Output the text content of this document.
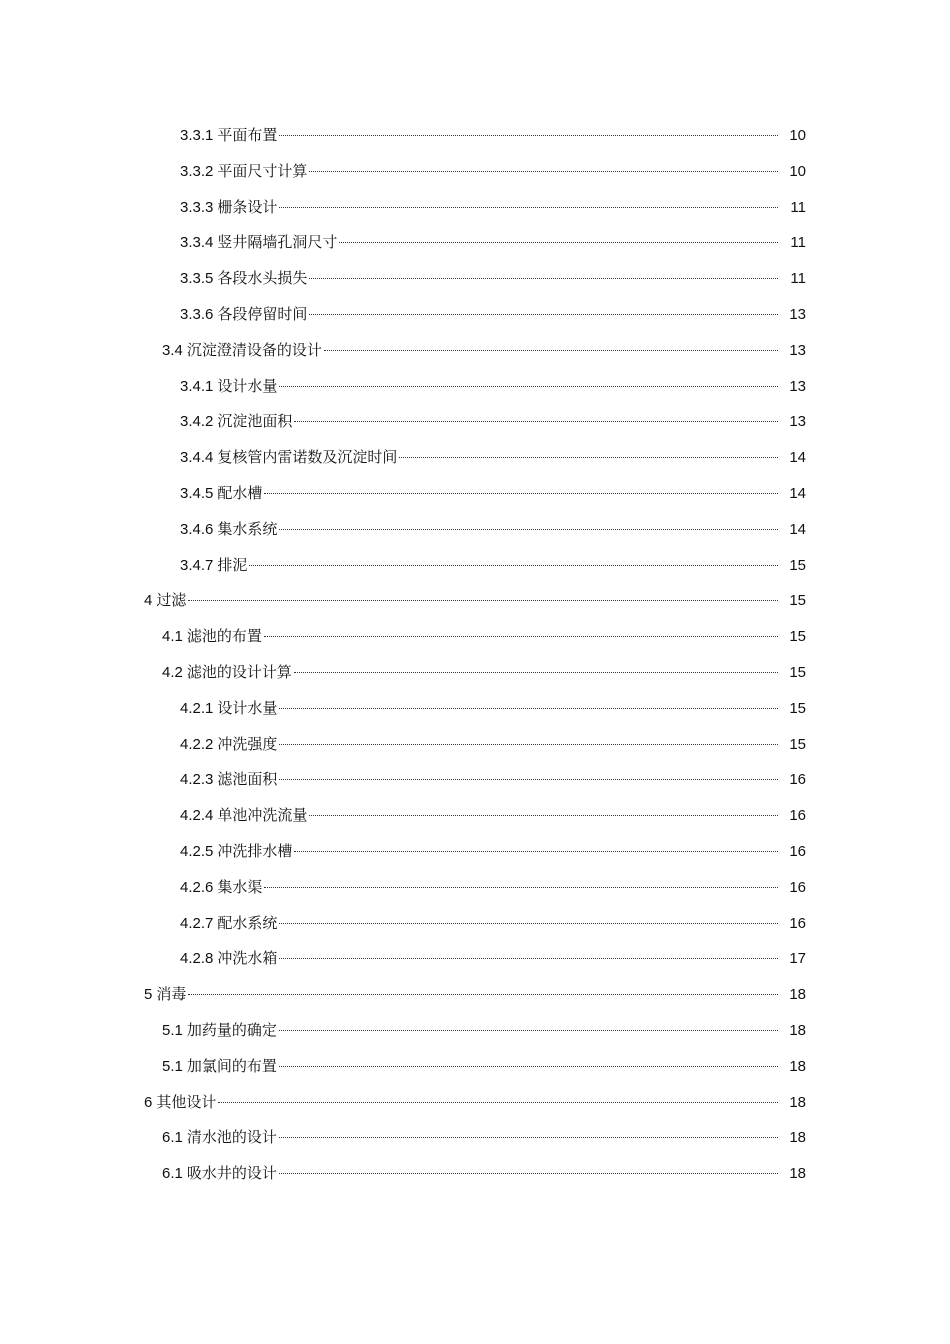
3.3.1 平面布置	10
3.3.2 平面尺寸计算	10
3.3.3 栅条设计	11
3.3.4 竖井隔墙孔洞尺寸	11
3.3.5 各段水头损失	11
3.3.6 各段停留时间	13
3.4 沉淀澄清设备的设计	13
3.4.1 设计水量	13
3.4.2 沉淀池面积	13
3.4.4 复核管内雷诺数及沉淀时间	14
3.4.5 配水槽	14
3.4.6 集水系统	14
3.4.7 排泥	15
4 过滤	15
4.1 滤池的布置	15
4.2 滤池的设计计算	15
4.2.1 设计水量	15
4.2.2 冲洗强度	15
4.2.3 滤池面积	16
4.2.4 单池冲洗流量	16
4.2.5 冲洗排水槽	16
4.2.6 集水渠	16
4.2.7 配水系统	16
4.2.8 冲洗水箱	17
5 消毒	18
5.1 加药量的确定	18
5.1 加氯间的布置	18
6 其他设计	18
6.1 清水池的设计	18
6.1 吸水井的设计	18
